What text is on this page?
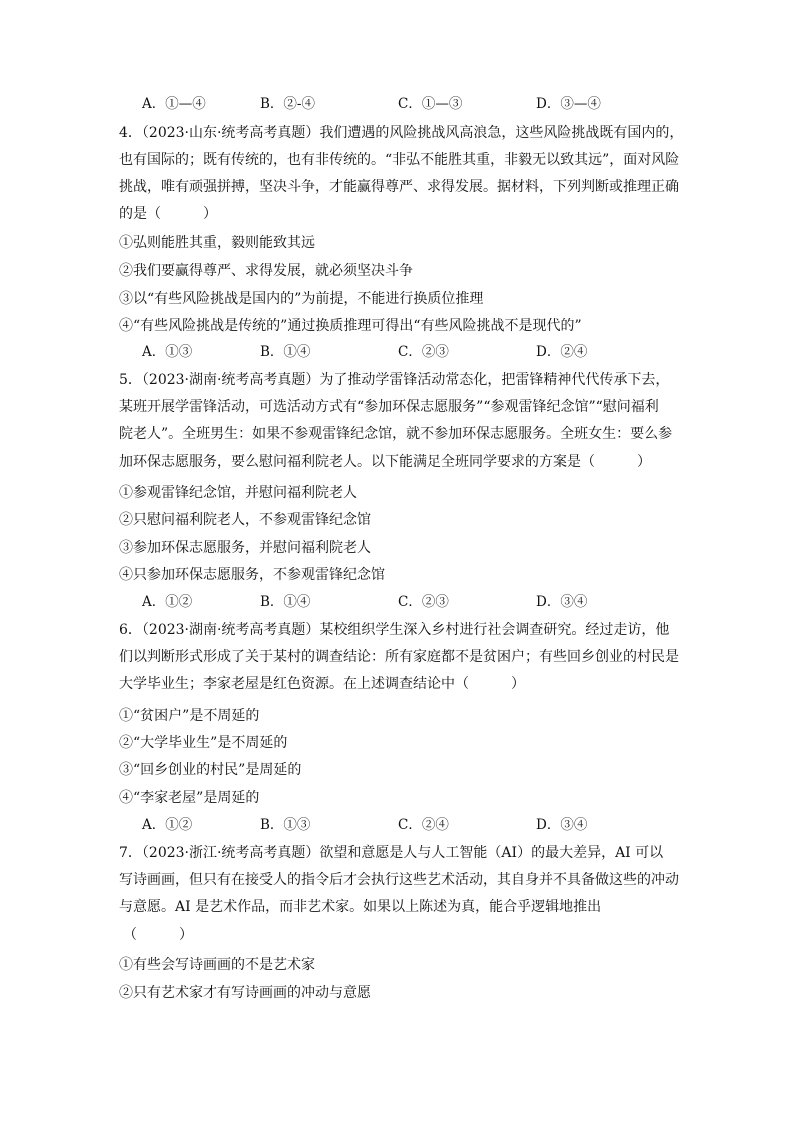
A．①—④	B．②-④	C．①—③	D．③—④
4．（2023·山东·统考高考真题）我们遭遇的风险挑战风高浪急，这些风险挑战既有国内的，
也有国际的；既有传统的，也有非传统的。“非弘不能胜其重，非毅无以致其远”，面对风险
挑战，唯有顽强拼搏，坚决斗争，才能赢得尊严、求得发展。据材料，下列判断或推理正确
的是（　　　）
①弘则能胜其重，毅则能致其远
②我们要赢得尊严、求得发展，就必须坚决斗争
③以“有些风险挑战是国内的”为前提，不能进行换质位推理
④“有些风险挑战是传统的”通过换质推理可得出“有些风险挑战不是现代的”
A．①③	B．①④	C．②③	D．②④
5．（2023·湖南·统考高考真题）为了推动学雷锋活动常态化，把雷锋精神代代传承下去，
某班开展学雷锋活动，可选活动方式有“参加环保志愿服务”“参观雷锋纪念馆”“慰问福利
院老人”。全班男生：如果不参观雷锋纪念馆，就不参加环保志愿服务。全班女生：要么参
加环保志愿服务，要么慰问福利院老人。以下能满足全班同学要求的方案是（　　　）
①参观雷锋纪念馆，并慰问福利院老人
②只慰问福利院老人，不参观雷锋纪念馆
③参加环保志愿服务，并慰问福利院老人
④只参加环保志愿服务，不参观雷锋纪念馆
A．①②	B．①④	C．②③	D．③④
6．（2023·湖南·统考高考真题）某校组织学生深入乡村进行社会调查研究。经过走访，他
们以判断形式形成了关于某村的调查结论：所有家庭都不是贫困户；有些回乡创业的村民是
大学毕业生；李家老屋是红色资源。在上述调查结论中（　　　）
①“贫困户”是不周延的
②“大学毕业生”是不周延的
③“回乡创业的村民”是周延的
④“李家老屋”是周延的
A．①②	B．①③	C．②④	D．③④
7．（2023·浙江·统考高考真题）欲望和意愿是人与人工智能（AI）的最大差异，AI 可以
写诗画画，但只有在接受人的指令后才会执行这些艺术活动，其自身并不具备做这些的冲动
与意愿。AI 是艺术作品，而非艺术家。如果以上陈述为真，能合乎逻辑地推出
（　　　）
①有些会写诗画画的不是艺术家
②只有艺术家才有写诗画画的冲动与意愿
